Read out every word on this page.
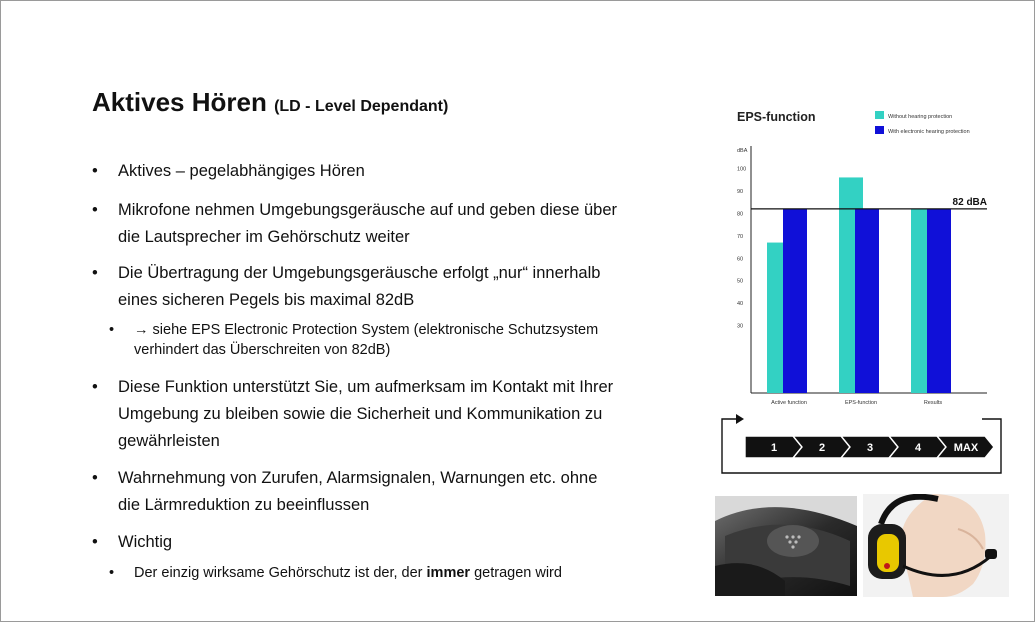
Aktives Hören (LD - Level Dependant)
• Aktives – pegelabhängiges Hören
• Mikrofone nehmen Umgebungsgeräusche auf und geben diese über
die Lautsprecher im Gehörschutz weiter
• Die Übertragung der Umgebungsgeräusche erfolgt „nur“ innerhalb
eines sicheren Pegels bis maximal 82dB
• → siehe EPS Electronic Protection System (elektronische Schutzsystem
verhindert das Überschreiten von 82dB)
• Diese Funktion unterstützt Sie, um aufmerksam im Kontakt mit Ihrer
Umgebung zu bleiben sowie die Sicherheit und Kommunikation zu
gewährleisten
• Wahrnehmung von Zurufen, Alarmsignalen, Warnungen etc. ohne
die Lärmreduktion zu beeinflussen
• Wichtig
• Der einzig wirksame Gehörschutz ist der, der immer getragen wird
EPS-function	Without hearing protection
With electronic hearing protection
dBA
30
40
50
60
70
80
90
100
Active function	EPS-function	Results
82 dBA
1	2	3	4	MAX
